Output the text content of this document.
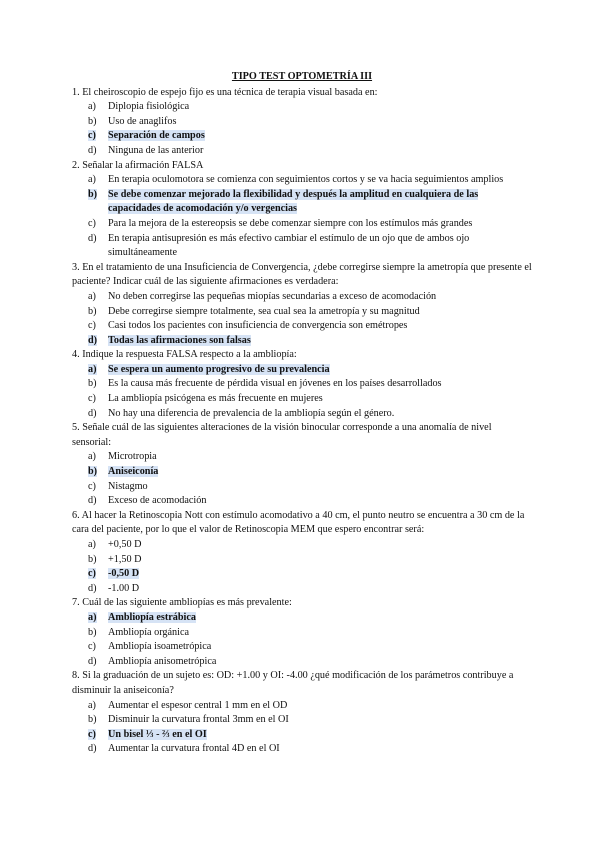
TIPO TEST OPTOMETRÍA III

1. El cheiroscopio de espejo fijo es una técnica de terapia visual basada en:

a)	Diplopia fisiológica
b)	Uso de anaglifos
c)	Separación de campos
d)	Ninguna de las anterior

2. Señalar la afirmación FALSA

a)	En terapia oculomotora se comienza con seguimientos cortos y se va hacia seguimientos amplios
b)	Se debe comenzar mejorado la flexibilidad y después la amplitud en cualquiera de las capacidades de acomodación y/o vergencias
c)	Para la mejora de la estereopsis se debe comenzar siempre con los estímulos más grandes
d)	En terapia antisupresión es más efectivo cambiar el estímulo de un ojo que de ambos ojo simultáneamente

3. En el tratamiento de una Insuficiencia de Convergencia, ¿debe corregirse siempre la ametropía que presente el paciente? Indicar cuál de las siguiente afirmaciones es verdadera:

a)	No deben corregirse las pequeñas miopías secundarias a exceso de acomodación
b)	Debe corregirse siempre totalmente, sea cual sea la ametropía y su magnitud
c)	Casi todos los pacientes con insuficiencia de convergencia son emétropes
d)	Todas las afirmaciones son falsas

4. Indique la respuesta FALSA respecto a la ambliopía:

a)	Se espera un aumento progresivo de su prevalencia
b)	Es la causa más frecuente de pérdida visual en jóvenes en los países desarrollados
c)	La ambliopía psicógena es más frecuente en mujeres
d)	No hay una diferencia de prevalencia de la ambliopía según el género.

5. Señale cuál de las siguientes alteraciones de la visión binocular corresponde a una anomalía de nivel sensorial:

a)	Microtropia
b)	Aniseiconía
c)	Nistagmo
d)	Exceso de acomodación

6. Al hacer la Retinoscopia Nott con estímulo acomodativo a 40 cm, el punto neutro se encuentra a 30 cm de la cara del paciente, por lo que el valor de Retinoscopia MEM que espero encontrar será:

a)	+0,50 D
b)	+1,50 D
c)	-0,50 D
d)	-1.00 D

7. Cuál de las siguiente ambliopías es más prevalente:

a)	Ambliopía estrábica
b)	Ambliopía orgánica
c)	Ambliopía isoametrópica
d)	Ambliopía anisometrópica

8. Si la graduación de un sujeto es: OD: +1.00 y OI: -4.00 ¿qué modificación de los parámetros contribuye a disminuir la aniseiconía?

a)	Aumentar el espesor central 1 mm en el OD
b)	Disminuir la curvatura frontal 3mm en el OI
c)	Un bisel ⅓ - ⅔ en el OI
d)	Aumentar la curvatura frontal 4D en el OI
